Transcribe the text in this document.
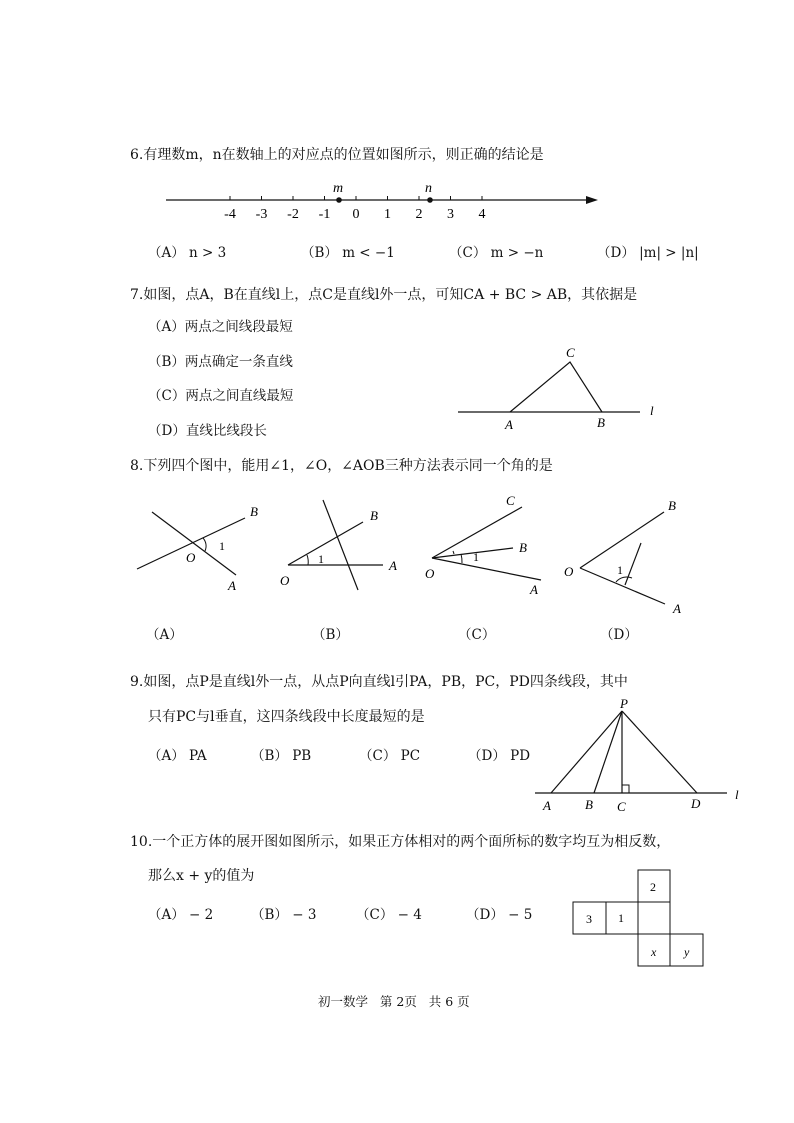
6.有理数m，n在数轴上的对应点的位置如图所示，则正确的结论是
-4 -3 -2 -1 0 1 2 3 4
m	n
（A） n > 3	（B） m < −1	（C） m > −n	（D） |m| > |n|
7.如图，点A，B在直线l上，点C是直线l外一点，可知CA + BC > AB，其依据是
（A）两点之间线段最短
（B）两点确定一条直线
（C）两点之间直线最短
（D）直线比线段长
C
A	B
l
8.下列四个图中，能用∠1，∠O，∠AOB三种方法表示同一个角的是
B
O
A
1
B
O
A
1
C
B
O
A
1
B
O
A
1
（A）	（B）	（C）	（D）
9.如图，点P是直线l外一点，从点P向直线l引PA，PB，PC，PD四条线段，其中
只有PC与l垂直，这四条线段中长度最短的是
（A） PA	（B） PB	（C） PC	（D） PD
P
A	B C	D
l
10.一个正方体的展开图如图所示，如果正方体相对的两个面所标的数字均互为相反数，
那么x + y的值为
（A） − 2	（B） − 3	（C） − 4	（D） − 5
2
3 1
x y
初一数学   第 2页   共 6 页
